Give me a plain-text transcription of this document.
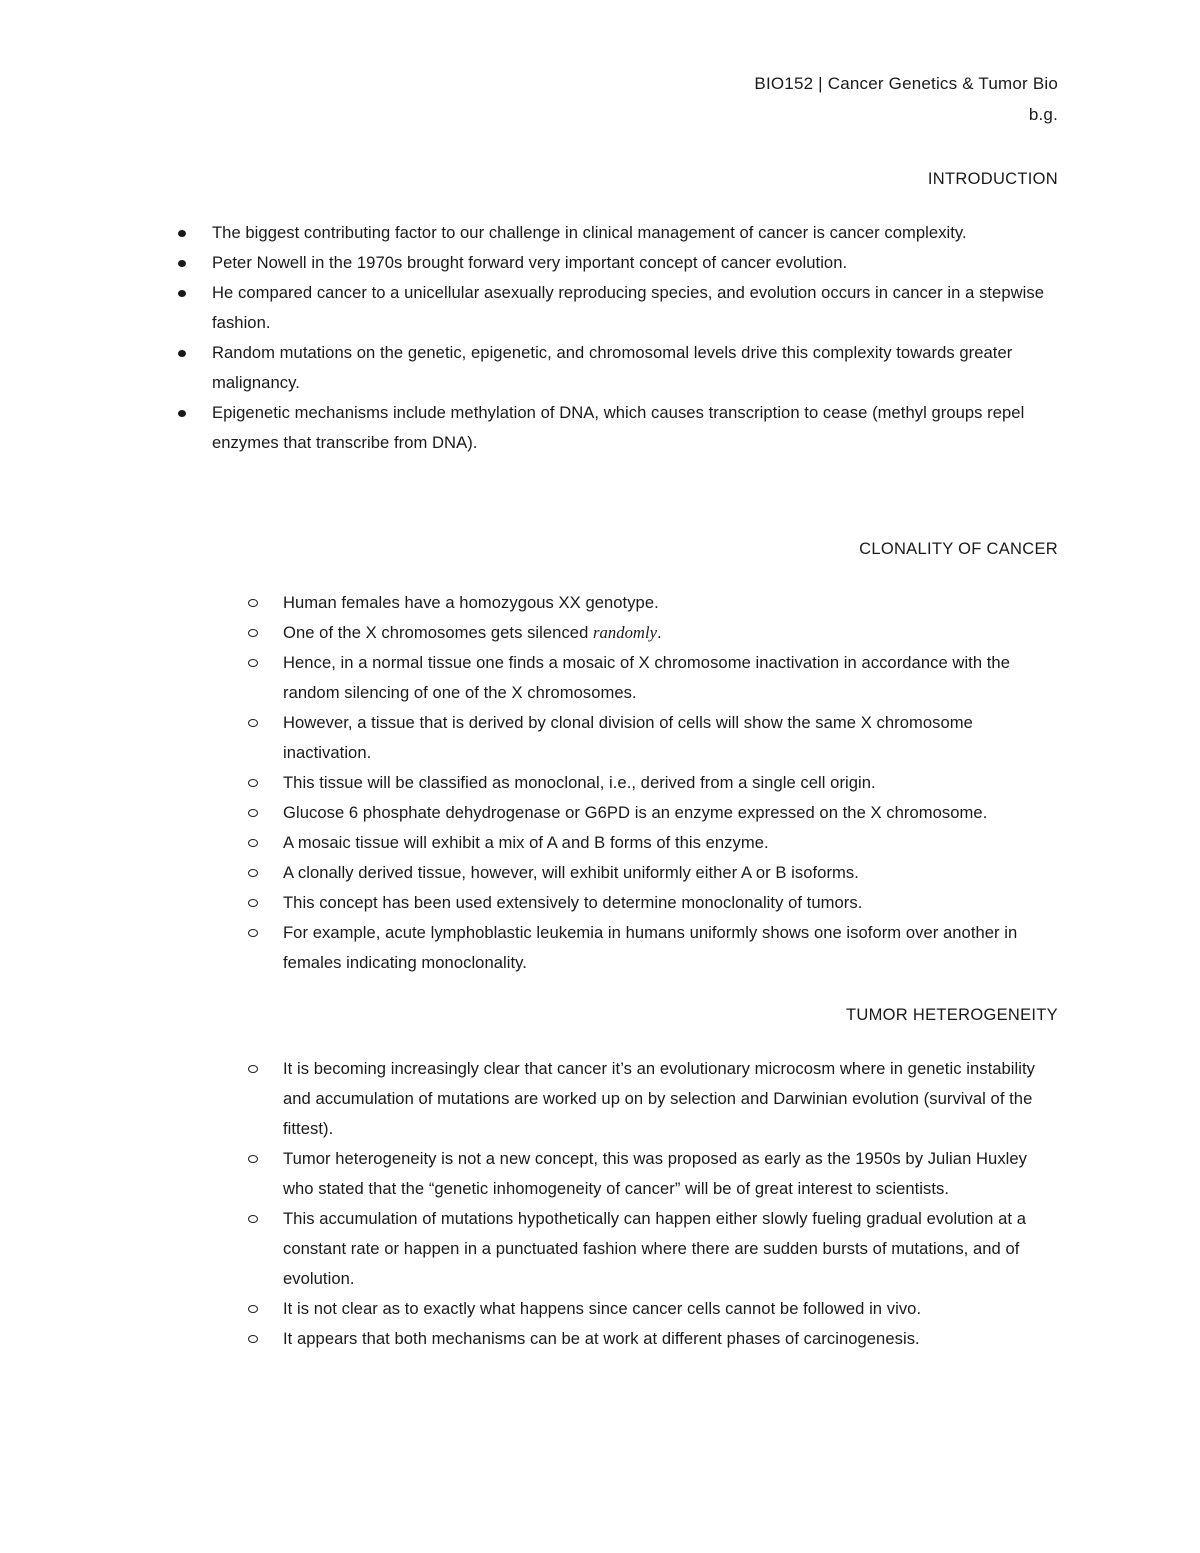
BIO152 | Cancer Genetics & Tumor Bio
b.g.
INTRODUCTION
The biggest contributing factor to our challenge in clinical management of cancer is cancer complexity.
Peter Nowell in the 1970s brought forward very important concept of cancer evolution.
He compared cancer to a unicellular asexually reproducing species, and evolution occurs in cancer in a stepwise fashion.
Random mutations on the genetic, epigenetic, and chromosomal levels drive this complexity towards greater malignancy.
Epigenetic mechanisms include methylation of DNA, which causes transcription to cease (methyl groups repel enzymes that transcribe from DNA).
CLONALITY OF CANCER
Human females have a homozygous XX genotype.
One of the X chromosomes gets silenced randomly.
Hence, in a normal tissue one finds a mosaic of X chromosome inactivation in accordance with the random silencing of one of the X chromosomes.
However, a tissue that is derived by clonal division of cells will show the same X chromosome inactivation.
This tissue will be classified as monoclonal, i.e., derived from a single cell origin.
Glucose 6 phosphate dehydrogenase or G6PD is an enzyme expressed on the X chromosome.
A mosaic tissue will exhibit a mix of A and B forms of this enzyme.
A clonally derived tissue, however, will exhibit uniformly either A or B isoforms.
This concept has been used extensively to determine monoclonality of tumors.
For example, acute lymphoblastic leukemia in humans uniformly shows one isoform over another in females indicating monoclonality.
TUMOR HETEROGENEITY
It is becoming increasingly clear that cancer it’s an evolutionary microcosm where in genetic instability and accumulation of mutations are worked up on by selection and Darwinian evolution (survival of the fittest).
Tumor heterogeneity is not a new concept, this was proposed as early as the 1950s by Julian Huxley who stated that the “genetic inhomogeneity of cancer” will be of great interest to scientists.
This accumulation of mutations hypothetically can happen either slowly fueling gradual evolution at a constant rate or happen in a punctuated fashion where there are sudden bursts of mutations, and of evolution.
It is not clear as to exactly what happens since cancer cells cannot be followed in vivo.
It appears that both mechanisms can be at work at different phases of carcinogenesis.
